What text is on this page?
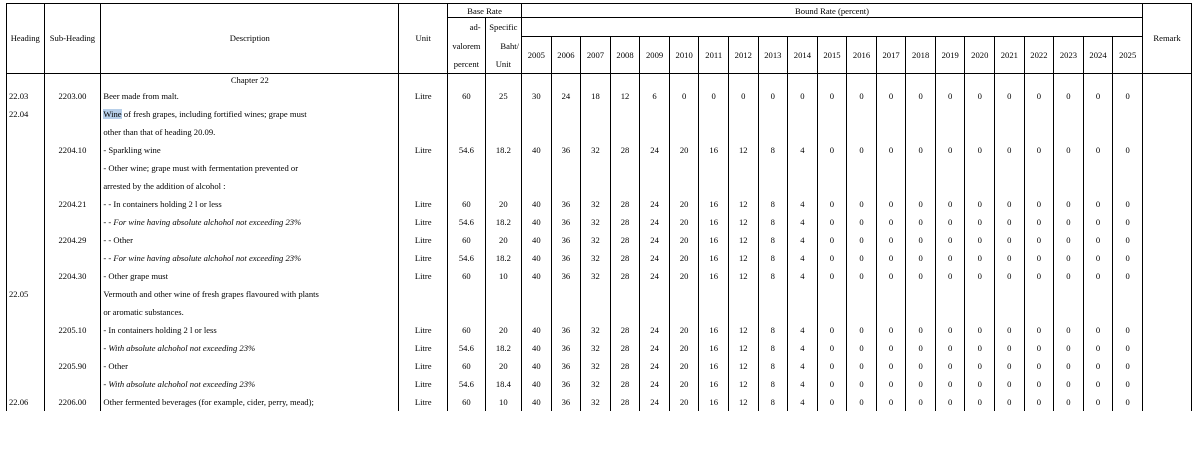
Heading	Sub-Heading	Description	Unit	Base Rate		Bound Rate (percent)																					Remark
				ad-	Specific																						
				valorem	Baht/	2005	2006	2007	2008	2009	2010	2011	2012	2013	2014	2015	2016	2017	2018	2019	2020	2021	2022	2023	2024	2025	
				percent	Unit																						
		Chapter 22																									
22.03	2203.00	Beer made from malt.	Litre	60	25	30	24	18	12	6	0	0	0	0	0	0	0	0	0	0	0	0	0	0	0	0	
22.04		Wine of fresh grapes, including fortified wines; grape must																									
		other than that of heading 20.09.																									
	2204.10	- Sparkling wine	Litre	54.6	18.2	40	36	32	28	24	20	16	12	8	4	0	0	0	0	0	0	0	0	0	0	0	
		- Other wine; grape must with fermentation prevented or																									
		arrested by the addition of alcohol :																									
	2204.21	- - In containers holding 2 l or less	Litre	60	20	40	36	32	28	24	20	16	12	8	4	0	0	0	0	0	0	0	0	0	0	0	
		- - For wine having absolute alchohol not exceeding 23%	Litre	54.6	18.2	40	36	32	28	24	20	16	12	8	4	0	0	0	0	0	0	0	0	0	0	0	
	2204.29	- - Other	Litre	60	20	40	36	32	28	24	20	16	12	8	4	0	0	0	0	0	0	0	0	0	0	0	
		- - For wine having absolute alchohol not exceeding 23%	Litre	54.6	18.2	40	36	32	28	24	20	16	12	8	4	0	0	0	0	0	0	0	0	0	0	0	
	2204.30	- Other grape must	Litre	60	10	40	36	32	28	24	20	16	12	8	4	0	0	0	0	0	0	0	0	0	0	0	
22.05		Vermouth and other wine of fresh grapes flavoured with plants																									
		or aromatic substances.																									
	2205.10	- In containers holding 2 l or less	Litre	60	20	40	36	32	28	24	20	16	12	8	4	0	0	0	0	0	0	0	0	0	0	0	
		- With absolute alchohol not exceeding 23%	Litre	54.6	18.2	40	36	32	28	24	20	16	12	8	4	0	0	0	0	0	0	0	0	0	0	0	
	2205.90	- Other	Litre	60	20	40	36	32	28	24	20	16	12	8	4	0	0	0	0	0	0	0	0	0	0	0	
		- With absolute alchohol not exceeding 23%	Litre	54.6	18.4	40	36	32	28	24	20	16	12	8	4	0	0	0	0	0	0	0	0	0	0	0	
22.06	2206.00	Other fermented beverages (for example, cider, perry, mead);	Litre	60	10	40	36	32	28	24	20	16	12	8	4	0	0	0	0	0	0	0	0	0	0	0	
